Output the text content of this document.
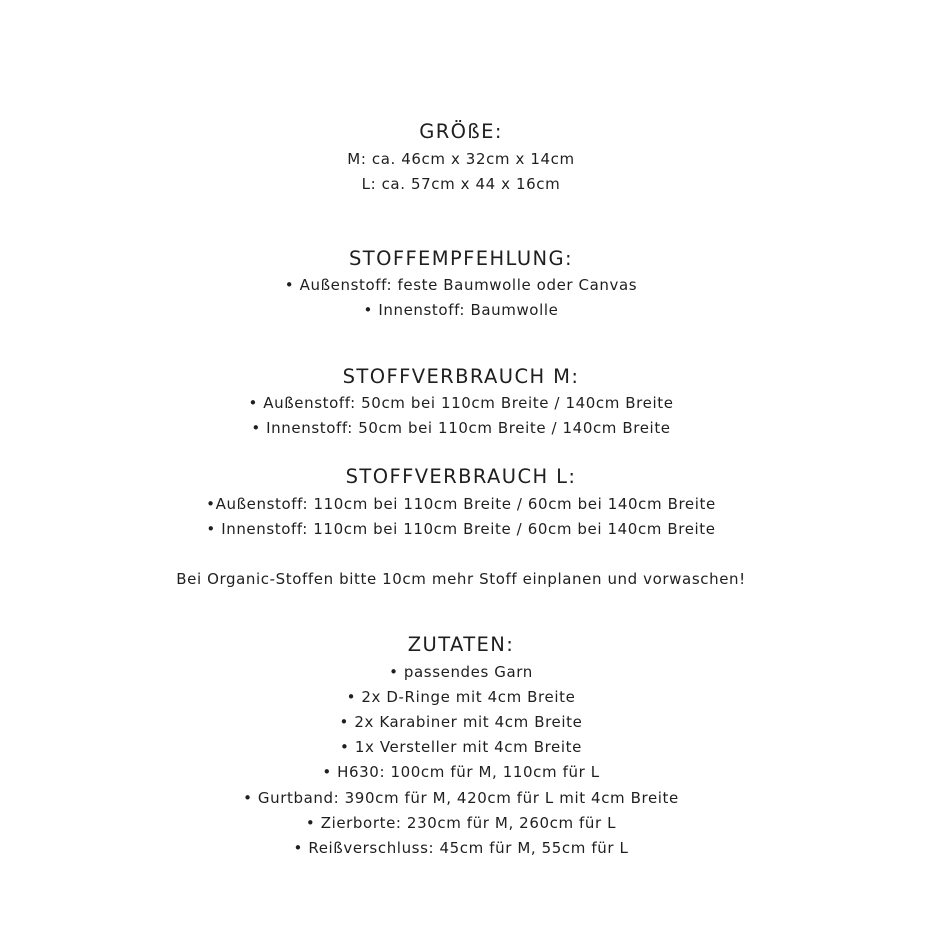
GRÖßE:
M: ca. 46cm x 32cm x 14cm
L: ca. 57cm x 44 x 16cm
STOFFEMPFEHLUNG:
• Außenstoff: feste Baumwolle oder Canvas
• Innenstoff: Baumwolle
STOFFVERBRAUCH M:
• Außenstoff: 50cm bei 110cm Breite / 140cm Breite
• Innenstoff: 50cm bei 110cm Breite / 140cm Breite
STOFFVERBRAUCH L:
•Außenstoff: 110cm bei 110cm Breite / 60cm bei 140cm Breite
• Innenstoff: 110cm bei 110cm Breite / 60cm bei 140cm Breite
Bei Organic-Stoffen bitte 10cm mehr Stoff einplanen und vorwaschen!
ZUTATEN:
• passendes Garn
• 2x D-Ringe mit 4cm Breite
• 2x Karabiner mit 4cm Breite
• 1x Versteller mit 4cm Breite
• H630: 100cm für M, 110cm für L
• Gurtband: 390cm für M, 420cm für L mit 4cm Breite
• Zierborte: 230cm für M, 260cm für L
• Reißverschluss: 45cm für M, 55cm für L
